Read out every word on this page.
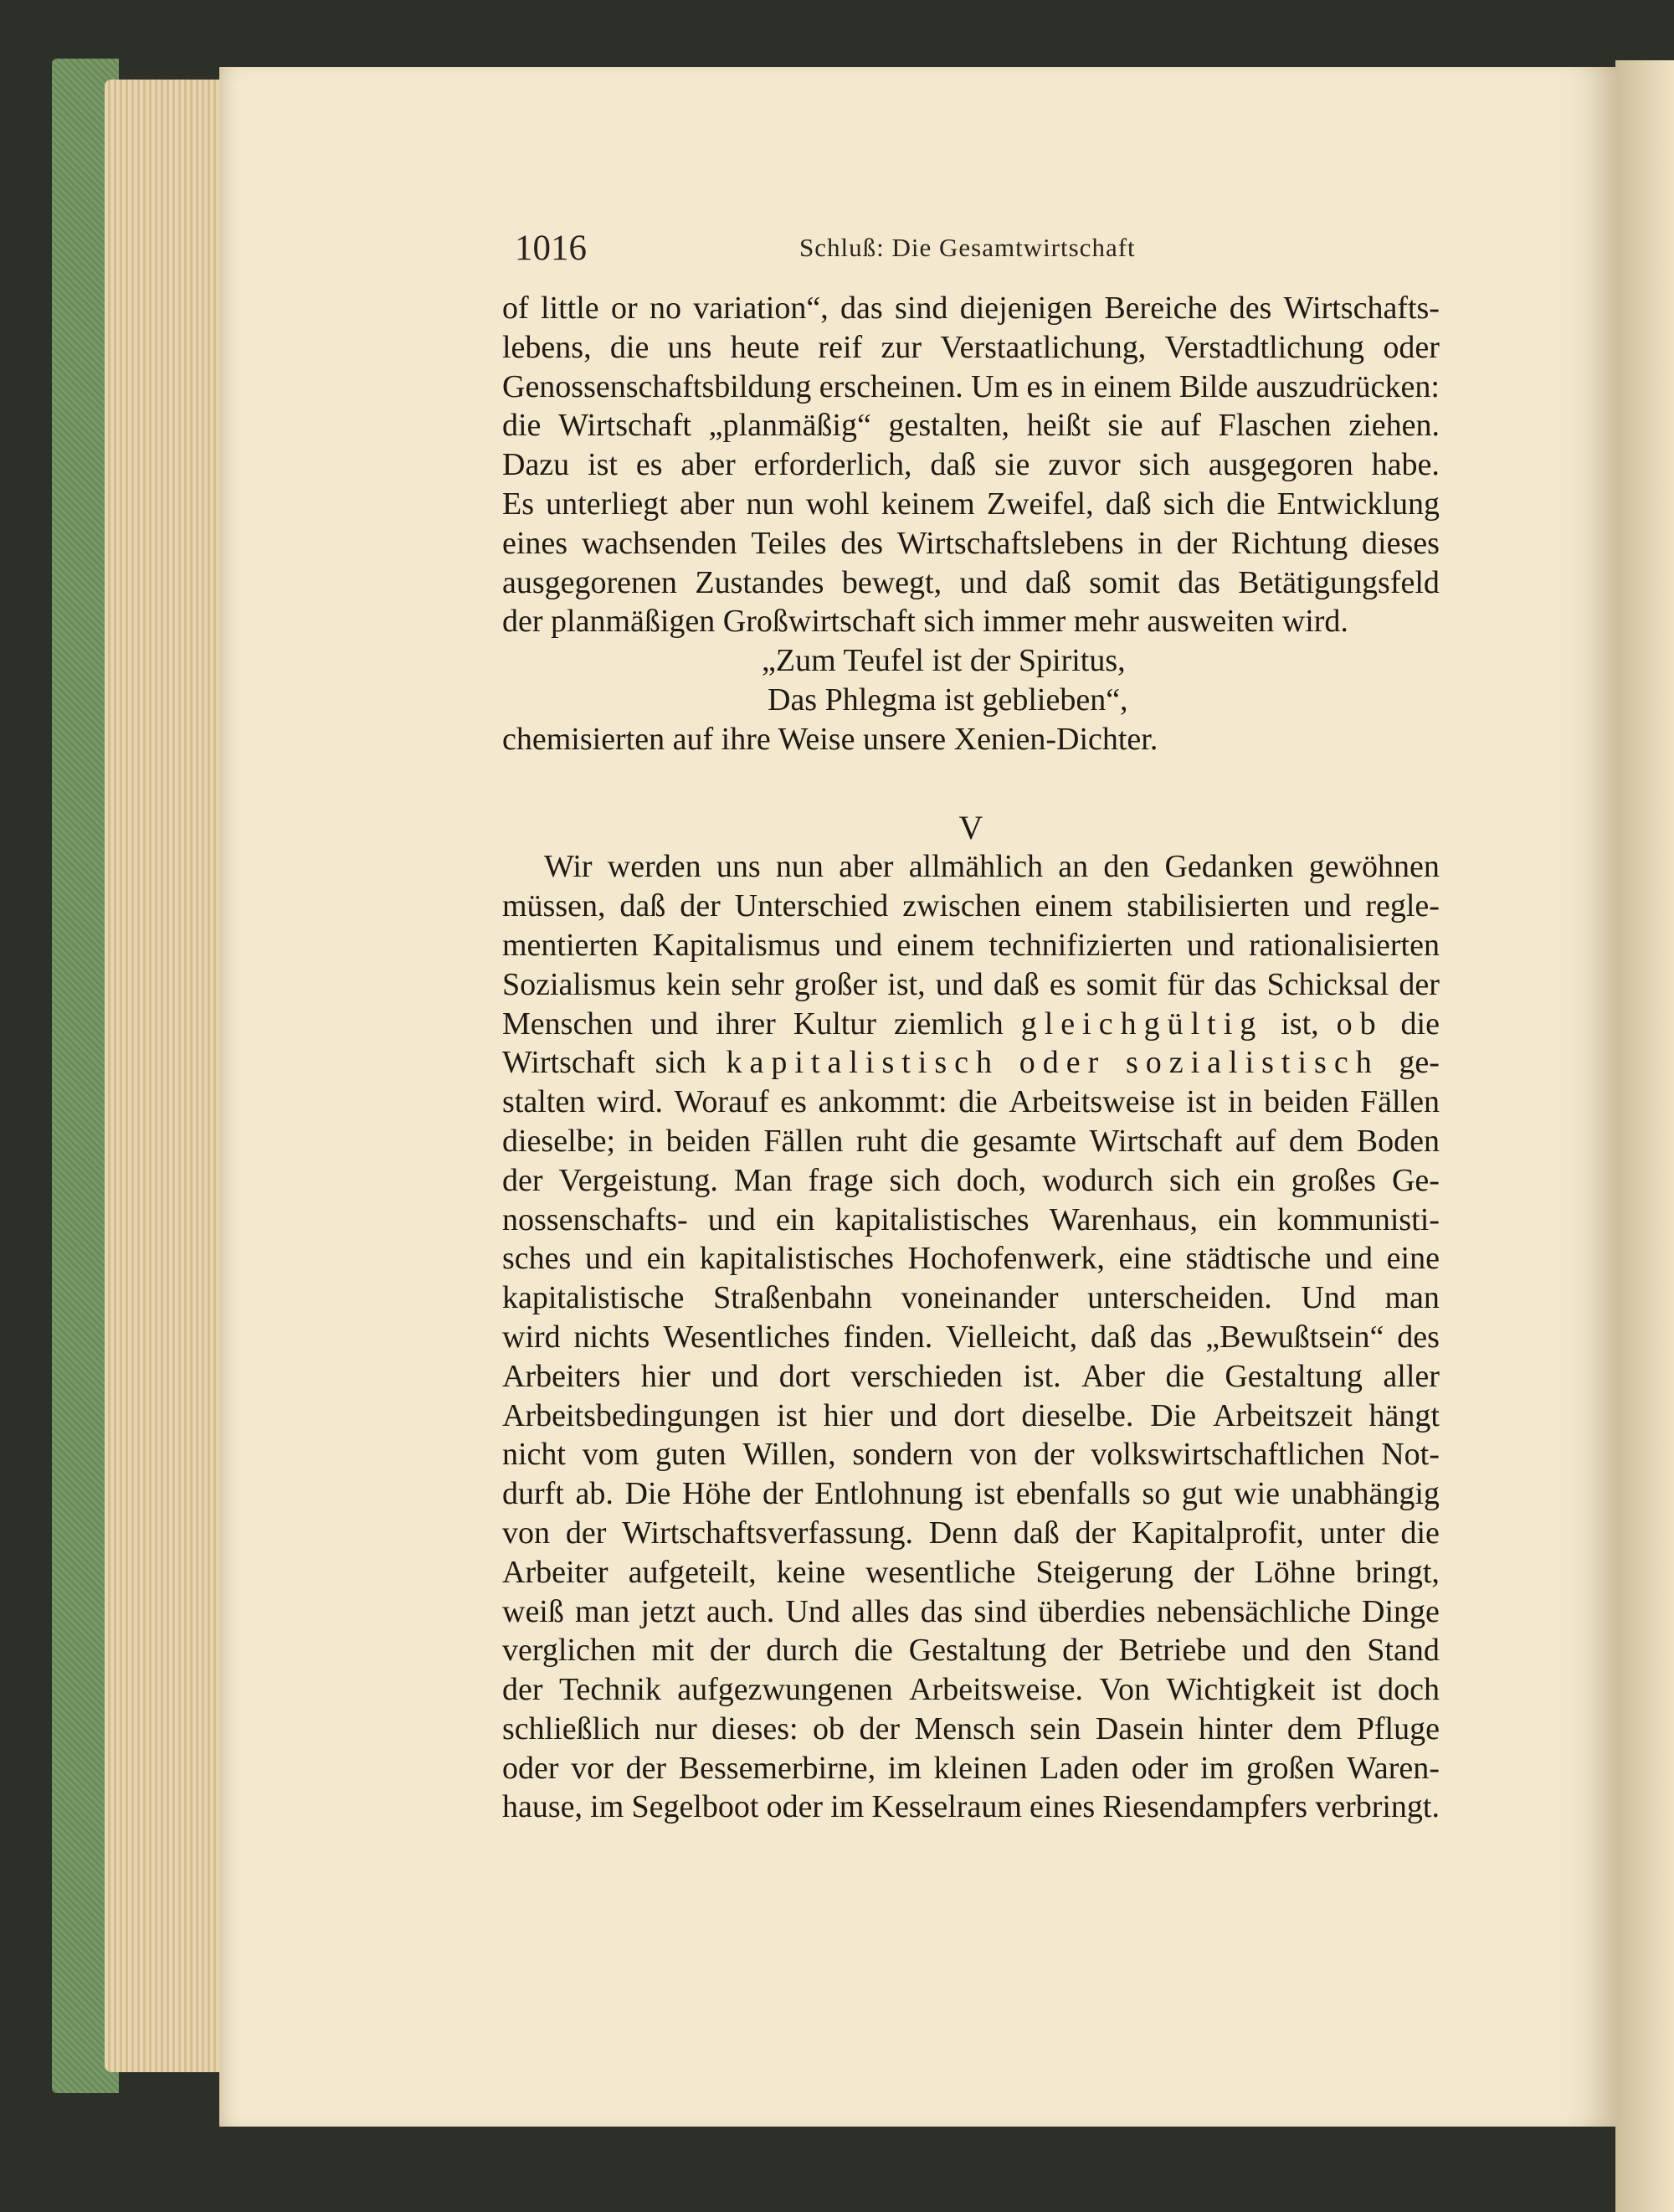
1016	Schluß: Die Gesamtwirtschaft
of little or no variation“, das sind diejenigen Bereiche des Wirtschafts-
lebens, die uns heute reif zur Verstaatlichung, Verstadtlichung oder
Genossenschaftsbildung erscheinen. Um es in einem Bilde auszudrücken:
die Wirtschaft „planmäßig“ gestalten, heißt sie auf Flaschen ziehen.
Dazu ist es aber erforderlich, daß sie zuvor sich ausgegoren habe.
Es unterliegt aber nun wohl keinem Zweifel, daß sich die Entwicklung
eines wachsenden Teiles des Wirtschaftslebens in der Richtung dieses
ausgegorenen Zustandes bewegt, und daß somit das Betätigungsfeld
der planmäßigen Großwirtschaft sich immer mehr ausweiten wird.
„Zum Teufel ist der Spiritus,
Das Phlegma ist geblieben“,
chemisierten auf ihre Weise unsere Xenien-Dichter.
V
Wir werden uns nun aber allmählich an den Gedanken gewöhnen
müssen, daß der Unterschied zwischen einem stabilisierten und regle-
mentierten Kapitalismus und einem technifizierten und rationalisierten
Sozialismus kein sehr großer ist, und daß es somit für das Schicksal der
Menschen und ihrer Kultur ziemlich gleichgültig ist, ob die
Wirtschaft sich kapitalistisch oder sozialistisch ge-
stalten wird. Worauf es ankommt: die Arbeitsweise ist in beiden Fällen
dieselbe; in beiden Fällen ruht die gesamte Wirtschaft auf dem Boden
der Vergeistung. Man frage sich doch, wodurch sich ein großes Ge-
nossenschafts- und ein kapitalistisches Warenhaus, ein kommunisti-
sches und ein kapitalistisches Hochofenwerk, eine städtische und eine
kapitalistische Straßenbahn voneinander unterscheiden. Und man
wird nichts Wesentliches finden. Vielleicht, daß das „Bewußtsein“ des
Arbeiters hier und dort verschieden ist. Aber die Gestaltung aller
Arbeitsbedingungen ist hier und dort dieselbe. Die Arbeitszeit hängt
nicht vom guten Willen, sondern von der volkswirtschaftlichen Not-
durft ab. Die Höhe der Entlohnung ist ebenfalls so gut wie unabhängig
von der Wirtschaftsverfassung. Denn daß der Kapitalprofit, unter die
Arbeiter aufgeteilt, keine wesentliche Steigerung der Löhne bringt,
weiß man jetzt auch. Und alles das sind überdies nebensächliche Dinge
verglichen mit der durch die Gestaltung der Betriebe und den Stand
der Technik aufgezwungenen Arbeitsweise. Von Wichtigkeit ist doch
schließlich nur dieses: ob der Mensch sein Dasein hinter dem Pfluge
oder vor der Bessemerbirne, im kleinen Laden oder im großen Waren-
hause, im Segelboot oder im Kesselraum eines Riesendampfers verbringt.
